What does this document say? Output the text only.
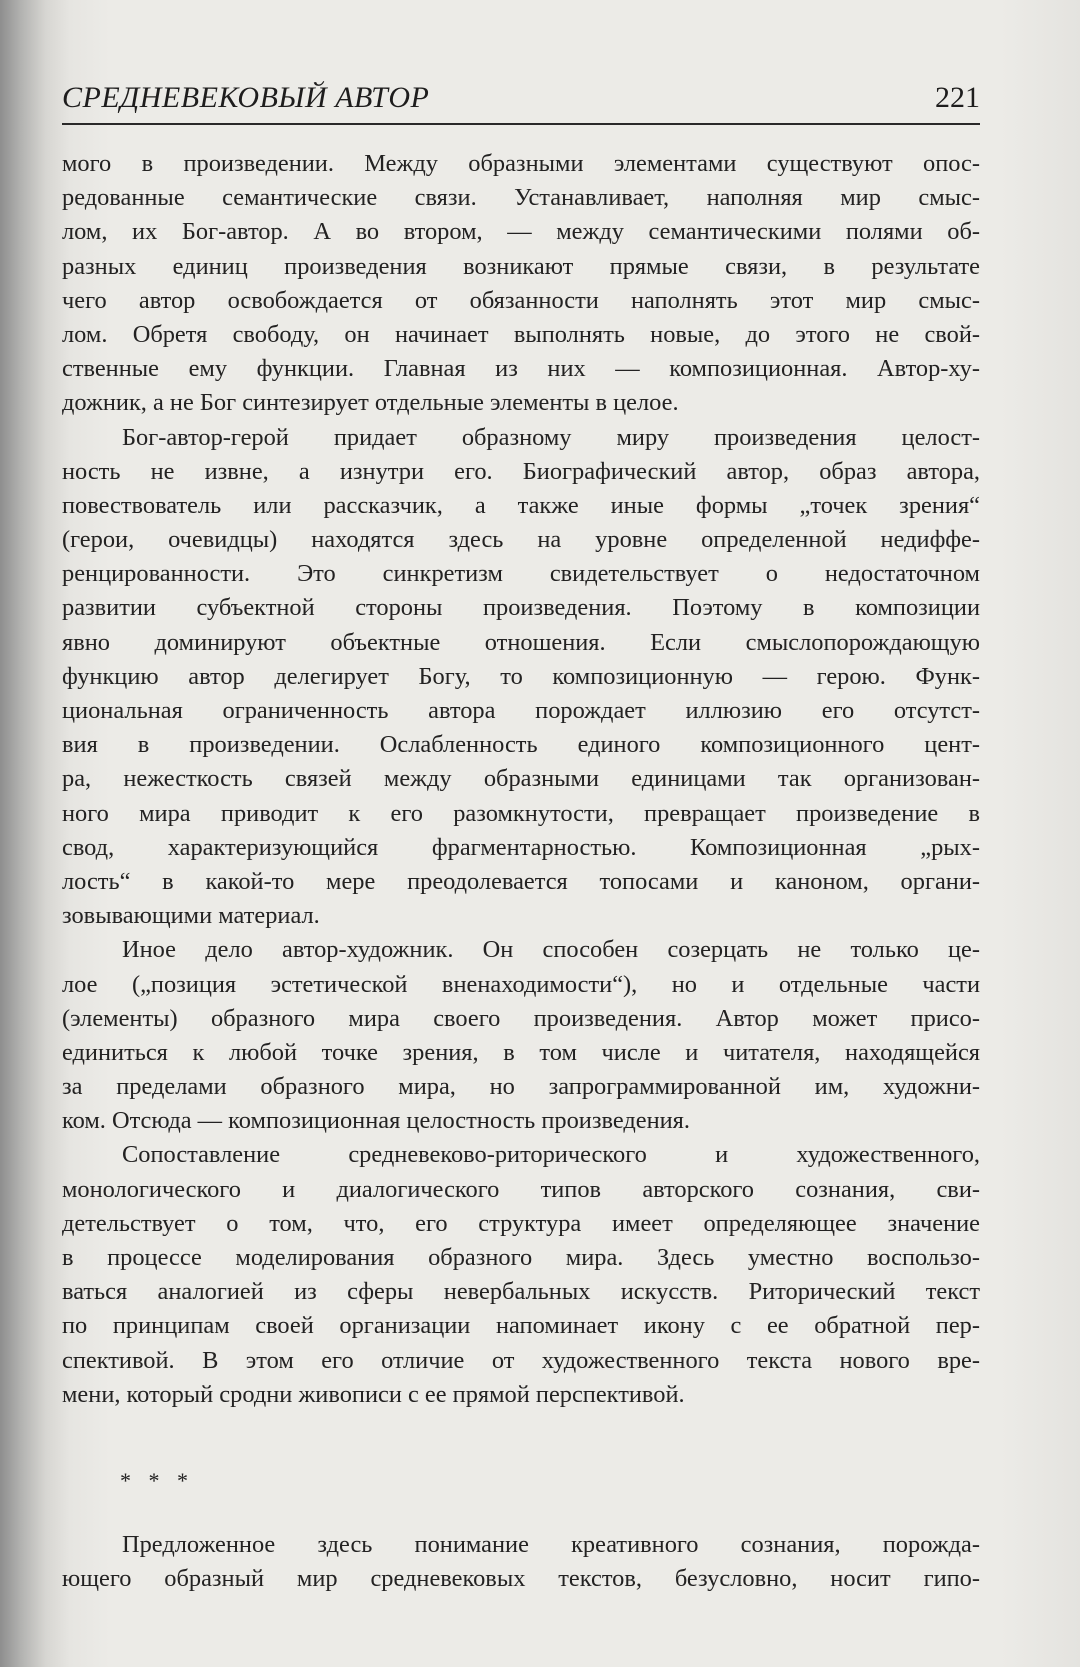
СРЕДНЕВЕКОВЫЙ АВТОР	221
мого в произведении. Между образными элементами существуют опос-
редованные семантические связи. Устанавливает, наполняя мир смыс-
лом, их Бог-автор. А во втором, — между семантическими полями об-
разных единиц произведения возникают прямые связи, в результате
чего автор освобождается от обязанности наполнять этот мир смыс-
лом. Обретя свободу, он начинает выполнять новые, до этого не свой-
ственные ему функции. Главная из них — композиционная. Автор-ху-
дожник, а не Бог синтезирует отдельные элементы в целое.
Бог-автор-герой придает образному миру произведения целост-
ность не извне, а изнутри его. Биографический автор, образ автора,
повествователь или рассказчик, а также иные формы „точек зрения“
(герои, очевидцы) находятся здесь на уровне определенной недиффе-
ренцированности. Это синкретизм свидетельствует о недостаточном
развитии субъектной стороны произведения. Поэтому в композиции
явно доминируют объектные отношения. Если смыслопорождающую
функцию автор делегирует Богу, то композиционную — герою. Функ-
циональная ограниченность автора порождает иллюзию его отсутст-
вия в произведении. Ослабленность единого композиционного цент-
ра, нежесткость связей между образными единицами так организован-
ного мира приводит к его разомкнутости, превращает произведение в
свод, характеризующийся фрагментарностью. Композиционная „рых-
лость“ в какой-то мере преодолевается топосами и каноном, органи-
зовывающими материал.
Иное дело автор-художник. Он способен созерцать не только це-
лое („позиция эстетической вненаходимости“), но и отдельные части
(элементы) образного мира своего произведения. Автор может присо-
единиться к любой точке зрения, в том числе и читателя, находящейся
за пределами образного мира, но запрограммированной им, художни-
ком. Отсюда — композиционная целостность произведения.
Сопоставление средневеково-риторического и художественного,
монологического и диалогического типов авторского сознания, сви-
детельствует о том, что, его структура имеет определяющее значение
в процессе моделирования образного мира. Здесь уместно воспользо-
ваться аналогией из сферы невербальных искусств. Риторический текст
по принципам своей организации напоминает икону с ее обратной пер-
спективой. В этом его отличие от художественного текста нового вре-
мени, который сродни живописи с ее прямой перспективой.
* * *
Предложенное здесь понимание креативного сознания, порожда-
ющего образный мир средневековых текстов, безусловно, носит гипо-
